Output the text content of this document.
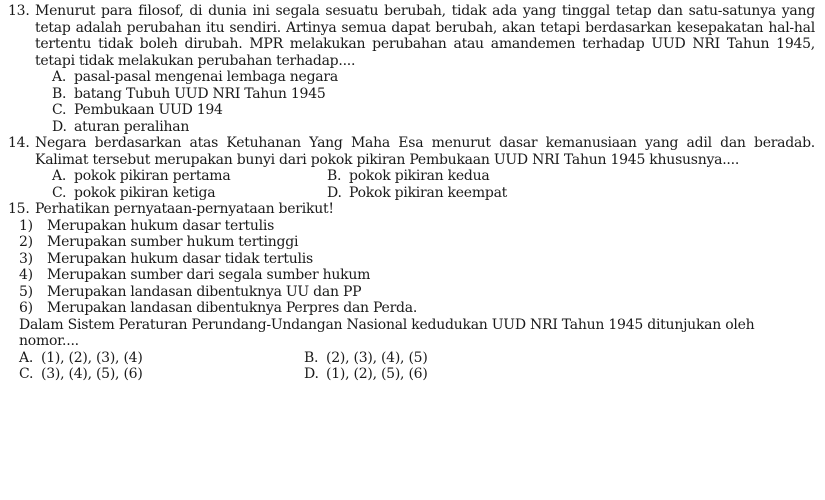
13. Menurut para filosof, di dunia ini segala sesuatu berubah, tidak ada yang tinggal tetap dan satu-satunya yang tetap adalah perubahan itu sendiri. Artinya semua dapat berubah, akan tetapi berdasarkan kesepakatan hal-hal tertentu tidak boleh dirubah. MPR melakukan perubahan atau amandemen terhadap UUD NRI Tahun 1945, tetapi tidak melakukan perubahan terhadap....

A. pasal-pasal mengenai lembaga negara
B. batang Tubuh UUD NRI Tahun 1945
C. Pembukaan UUD 194
D. aturan peralihan
14. Negara berdasarkan atas Ketuhanan Yang Maha Esa menurut dasar kemanusiaan yang adil dan beradab. Kalimat tersebut merupakan bunyi dari pokok pikiran Pembukaan UUD NRI Tahun 1945 khususnya....

A. pokok pikiran pertama	B. pokok pikiran kedua
C. pokok pikiran ketiga	D. Pokok pikiran keempat
15. Perhatikan pernyataan-pernyataan berikut!

1)	Merupakan hukum dasar tertulis
2)	Merupakan sumber hukum tertinggi
3)	Merupakan hukum dasar tidak tertulis
4)	Merupakan sumber dari segala sumber hukum
5)	Merupakan landasan dibentuknya UU dan PP
6)	Merupakan landasan dibentuknya Perpres dan Perda.

Dalam Sistem Peraturan Perundang-Undangan Nasional kedudukan UUD NRI Tahun 1945 ditunjukan oleh nomor....

A. (1), (2), (3), (4)	B. (2), (3), (4), (5)
C. (3), (4), (5), (6)	D. (1), (2), (5), (6)
